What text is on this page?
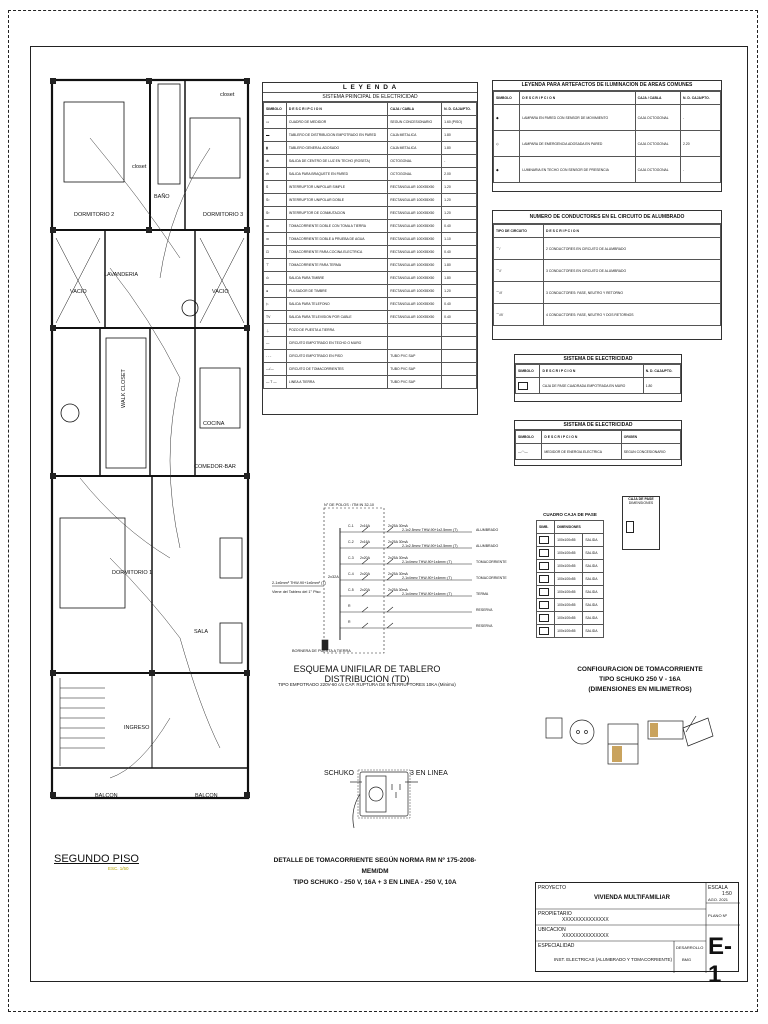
closet
closet
DORMITORIO 2
BAÑO
DORMITORIO 3
LAVANDERIA
VACIO	VACIO
COCINA
COMEDOR-BAR
DORMITORIO 1
SALA
INGRESO
BALCON	BALCON
WALK CLOSET
SEGUNDO PISO
ESC. 1/50
L E Y E N D A
SISTEMA PRINCIPAL DE ELECTRICIDAD
SIMBOLO	D E S C R I P C I O N	CAJA / CABLA	N. D. CAJA/PTO.
▭	CUADRO DE MEDIDOR	SEGUN CONCESIONARIO	1.60 (PISO)
▬	TABLERO DE DISTRIBUCION EMPOTRADO EN PARED	CAJA METALICA	1.80
▮	TABLERO GENERAL ADOSADO	CAJA METALICA	1.80
⊕	SALIDA DE CENTRO DE LUZ EN TECHO (ROSETA)	OCTOGONAL	-
⊖	SALIDA PARA BRAQUETE EN PARED	OCTOGONAL	2.00
S	INTERRUPTOR UNIPOLAR SIMPLE	RECTANGULAR 100X55X50	1.20
S²	INTERRUPTOR UNIPOLAR DOBLE	RECTANGULAR 100X55X50	1.20
S³	INTERRUPTOR DE CONMUTACION	RECTANGULAR 100X55X50	1.20
⚌	TOMACORRIENTE DOBLE CON TOMA A TIERRA	RECTANGULAR 100X55X50	0.40
⚌	TOMACORRIENTE DOBLE A PRUEBA DE AGUA	RECTANGULAR 100X55X50	1.10
⊡	TOMACORRIENTE PARA COCINA ELECTRICA	RECTANGULAR 100X55X50	0.40
⊤	TOMACORRIENTE PARA TERMA	RECTANGULAR 100X55X50	1.80
⊙	SALIDA PARA TIMBRE	RECTANGULAR 100X55X50	1.80
●	PULSADOR DE TIMBRE	RECTANGULAR 100X55X50	1.20
▷	SALIDA PARA TELEFONO	RECTANGULAR 100X55X50	0.40
TV	SALIDA PARA TELEVISION POR CABLE	RECTANGULAR 100X55X50	0.40
⏚	POZO DE PUESTA A TIERRA		
—	CIRCUITO EMPOTRADO EN TECHO O MURO		
- - -	CIRCUITO EMPOTRADO EN PISO	TUBO PVC SAP	
—/—	CIRCUITO DE TOMACORRIENTES	TUBO PVC SAP	
— T —	LINEA A TIERRA	TUBO PVC SAP	
LEYENDA PARA ARTEFACTOS DE ILUMINACION DE AREAS COMUNES
SIMBOLO	D E S C R I P C I O N	CAJA / CABLA	N. D. CAJA/PTO.
◆	LAMPARA EN PARED CON SENSOR DE MOVIMIENTO	CAJA OCTOGONAL	-
◇	LAMPARA DE EMERGENCIA ADOSADA EN PARED	CAJA OCTOGONAL	2.20
◆	LUMINARIA EN TECHO CON SENSOR DE PRESENCIA	CAJA OCTOGONAL	-
NUMERO DE CONDUCTORES EN EL CIRCUITO DE ALUMBRADO
TIPO DE CIRCUITO	D E S C R I P C I O N
⌒/	2 CONDUCTORES EN CIRCUITO DE ALUMBRADO
⌒//	3 CONDUCTORES EN CIRCUITO DE ALUMBRADO
⌒///	3 CONDUCTORES: FASE, NEUTRO Y RETORNO
⌒////	4 CONDUCTORES: FASE, NEUTRO Y DOS RETORNOS
SISTEMA DE ELECTRICIDAD
SIMBOLO	D E S C R I P C I O N	N. D. CAJA/PTO.
	CAJA DE PASE CUADRADA EMPOTRADA EN MURO	1.80
SISTEMA DE ELECTRICIDAD
SIMBOLO	D E S C R I P C I O N	ORIGEN
—◠—	MEDIDOR DE ENERGIA ELECTRICA	SEGUN CONCESIONARIO
C-1 2x16A	2x25A 30mA
2-1x2.5mm² THW-90+1x2.5mm² (T)	ALUMBRADO
C-2 2x16A	2x25A 30mA
2-1x2.5mm² THW-90+1x2.5mm² (T)	ALUMBRADO
C-3 2x20A	2x25A 30mA
2-1x4mm² THW-90+1x4mm² (T)	TOMACORRIENTE
C-4 2x20A	2x25A 30mA
2-1x4mm² THW-90+1x4mm² (T)	TOMACORRIENTE
C-5 2x20A	2x25A 30mA
2-1x4mm² THW-90+1x4mm² (T)	TERMA
R
RESERVA
R
RESERVA
N° DE POLOS : ITM IN 32-10
2-1x6mm² THW-90+1x6mm² (T)
2x32A
Viene del Tablero del 1° Piso
BORNERA DE PUESTA A TIERRA
ESQUEMA UNIFILAR DE TABLERO DISTRIBUCION (TD)
TIPO EMPOTRADO 220V-60 c/s CAP. RUPTURA DE INTERRUPTORES 10KA (Minimo)
CUADRO CAJA DE PASE
SIMB.	DIMENSIONES	
	100x100x55	SALIDA
	100x100x55	SALIDA
	100x100x55	SALIDA
	100x100x55	SALIDA
	100x100x55	SALIDA
	100x100x55	SALIDA
	100x100x55	SALIDA
	100x100x55	SALIDA
CAJA DE PASE
DIMENSIONES
CONFIGURACION DE TOMACORRIENTE
TIPO SCHUKO 250 V - 16A
(DIMENSIONES EN MILIMETROS)
SCHUKO	3 EN LINEA
DETALLE DE TOMACORRIENTE SEGÚN NORMA RM Nº 175-2008-MEM/DM
TIPO SCHUKO - 250 V, 16A + 3 EN LINEA - 250 V, 10A
PROYECTO
VIVIENDA MULTIFAMILIAR
PROPIETARIO
XXXXXXXXXXXXXX
UBICACION
XXXXXXXXXXXXXX
ESPECIALIDAD
INST. ELECTRICAS (ALUMBRADO Y TOMACORRIENTE)
DESARROLLO
BMG
ESCALA
1:50
AGO. 2021
PLANO Nº
E-1
